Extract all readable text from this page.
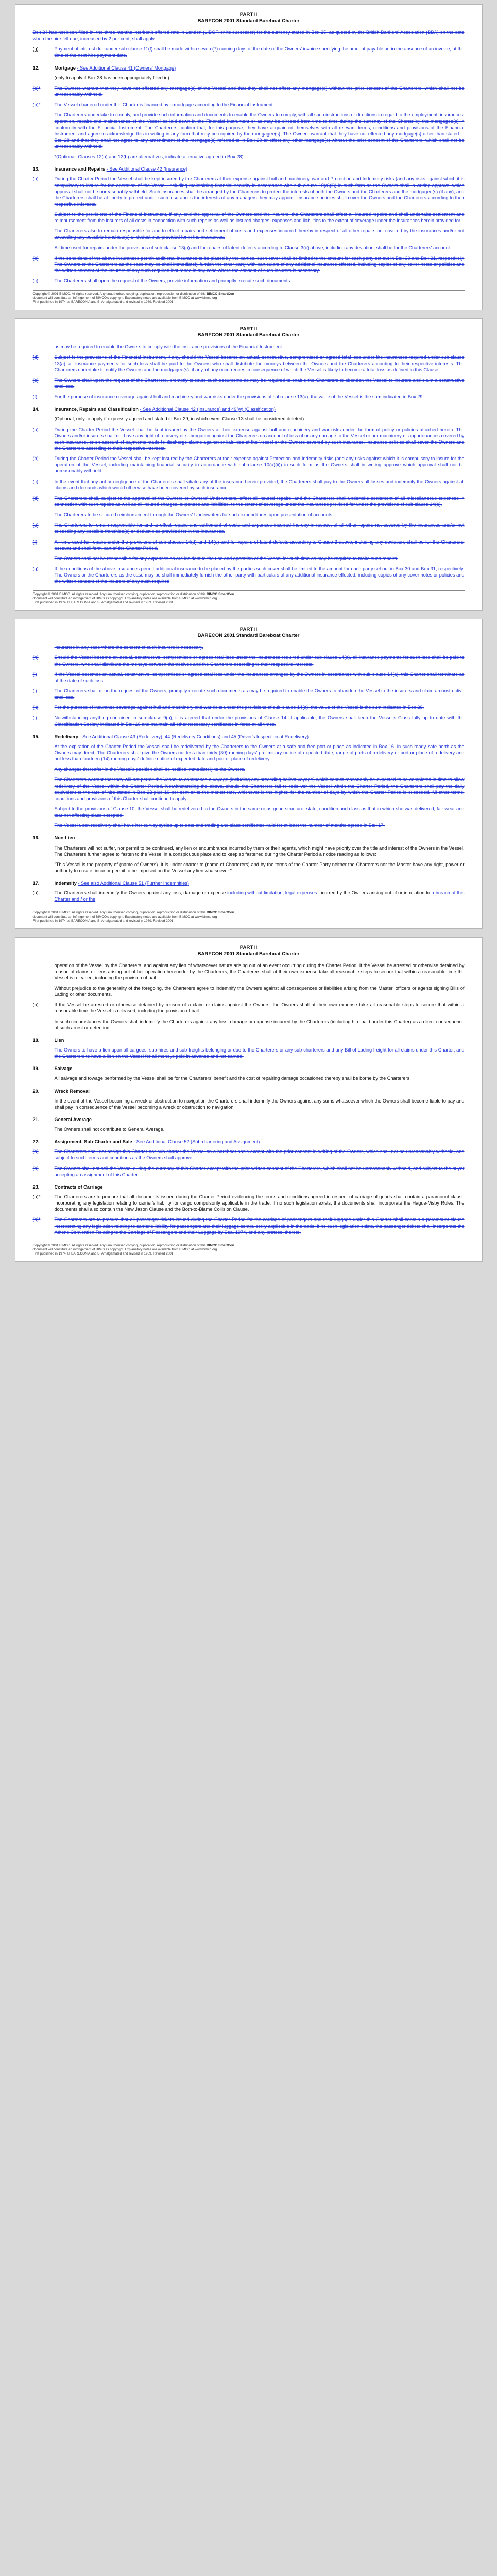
PART II
BARECON 2001 Standard Bareboat Charter

Box 24 has not been filled in, the three months interbank offered rate in London (LIBOR or its successor) for the currency stated in Box 25, as quoted by the British Bankers' Association (BBA) on the date when the hire fell due, increased by 2 per cent, shall apply.

(g)	Payment of interest due under sub-clause 11(f) shall be made within seven (7) running days of the date of the Owners' invoice specifying the amount payable or, in the absence of an invoice, at the time of the next hire payment date.
12.	Mortgage - See Additional Clause 41 (Owners' Mortgage)

(only to apply if Box 28 has been appropriately filled in)

(a)*	The Owners warrant that they have not effected any mortgage(s) of the Vessel and that they shall not effect any mortgage(s) without the prior consent of the Charterers, which shall not be unreasonably withheld.
(b)*	The Vessel chartered under this Charter is financed by a mortgage according to the Financial Instrument.

The Charterers undertake to comply, and provide such information and documents to enable the Owners to comply, with all such instructions or directions in regard to the employment, insurances, operation, repairs and maintenance of the Vessel as laid down in the Financial Instrument or as may be directed from time to time during the currency of the Charter by the mortgagee(s) in conformity with the Financial Instrument. The Charterers confirm that, for this purpose, they have acquainted themselves with all relevant terms, conditions and provisions of the Financial Instrument and agree to acknowledge this in writing in any form that may be required by the mortgagee(s). The Owners warrant that they have not effected any mortgage(s) other than stated in Box 28 and that they shall not agree to any amendment of the mortgage(s) referred to in Box 28 or effect any other mortgage(s) without the prior consent of the Charterers, which shall not be unreasonably withheld.

*(Optional, Clauses 12(a) and 12(b) are alternatives; indicate alternative agreed in Box 28).

13.	Insurance and Repairs - See Additional Clause 42 (Insurance)
(a)	During the Charter Period the Vessel shall be kept insured by the Charterers at their expense against hull and machinery, war and Protection and Indemnity risks (and any risks against which it is compulsory to insure for the operation of the Vessel, including maintaining financial security in accordance with sub-clause 10(a)(ii)) in such form as the Owners shall in writing approve, which approval shall not be unreasonably withheld. Such insurances shall be arranged by the Charterers to protect the interests of both the Owners and the Charterers and the mortgagee(s) (if any), and the Charterers shall be at liberty to protect under such insurances the interests of any managers they may appoint. Insurance policies shall cover the Owners and the Charterers according to their respective interests.

Subject to the provisions of the Financial Instrument, if any, and the approval of the Owners and the insurers, the Charterers shall effect all insured repairs and shall undertake settlement and reimbursement from the insurers of all costs in connection with such repairs as well as insured charges, expenses and liabilities to the extent of coverage under the insurances herein provided for.

The Charterers also to remain responsible for and to effect repairs and settlement of costs and expenses incurred thereby in respect of all other repairs not covered by the insurances and/or not exceeding any possible franchise(s) or deductibles provided for in the insurances.

All time used for repairs under the provisions of sub-clause 13(a) and for repairs of latent defects according to Clause 3(c) above, including any deviation, shall be for the Charterers' account.

(b)	If the conditions of the above insurances permit additional insurance to be placed by the parties, such cover shall be limited to the amount for each party set out in Box 30 and Box 31, respectively. The Owners or the Charterers as the case may be shall immediately furnish the other party with particulars of any additional insurance effected, including copies of any cover notes or policies and the written consent of the insurers of any such required insurance in any case where the consent of such insurers is necessary.
(c)	The Charterers shall upon the request of the Owners, provide information and promptly execute such documents
Copyright © 2001 BIMCO. All rights reserved. Any unauthorised copying, duplication, reproduction or distribution of this BIMCO SmartCon
document will constitute an infringement of BIMCO's copyright. Explanatory notes are available from BIMCO at www.bimco.org
First published in 1974 as BARECON A and B. Amalgamated and revised in 1989. Revised 2001.
PART II
BARECON 2001 Standard Bareboat Charter

as may be required to enable the Owners to comply with the insurance provisions of the Financial Instrument.

(d)	Subject to the provisions of the Financial Instrument, if any, should the Vessel become an actual, constructive, compromised or agreed total loss under the insurances required under sub-clause 13(a), all insurance payments for such loss shall be paid to the Owners who shall distribute the moneys between the Owners and the Charterers according to their respective interests. The Charterers undertake to notify the Owners and the mortgagee(s), if any, of any occurrences in consequence of which the Vessel is likely to become a total loss as defined in this Clause.
(e)	The Owners shall upon the request of the Charterers, promptly execute such documents as may be required to enable the Charterers to abandon the Vessel to insurers and claim a constructive total loss.
(f)	For the purpose of insurance coverage against hull and machinery and war risks under the provisions of sub-clause 13(a), the value of the Vessel is the sum indicated in Box 29.
14.	Insurance, Repairs and Classification - See Additional Clause 42 (Insurance) and 49(w) (Classification)

(Optional, only to apply if expressly agreed and stated in Box 29, in which event Clause 13 shall be considered deleted).

(a)	During the Charter Period the Vessel shall be kept insured by the Owners at their expense against hull and machinery and war risks under the form of policy or policies attached hereto. The Owners and/or insurers shall not have any right of recovery or subrogation against the Charterers on account of loss of or any damage to the Vessel or her machinery or appurtenances covered by such insurance, or on account of payments made to discharge claims against or liabilities of the Vessel or the Owners covered by such insurance. Insurance policies shall cover the Owners and the Charterers according to their respective interests.
(b)	During the Charter Period the Vessel shall be kept insured by the Charterers at their expense against Protection and Indemnity risks (and any risks against which it is compulsory to insure for the operation of the Vessel, including maintaining financial security in accordance with sub-clause 10(a)(ii)) in such form as the Owners shall in writing approve which approval shall not be unreasonably withheld.
(c)	In the event that any act or negligence of the Charterers shall vitiate any of the insurance herein provided, the Charterers shall pay to the Owners all losses and indemnify the Owners against all claims and demands which would otherwise have been covered by such insurance.
(d)	The Charterers shall, subject to the approval of the Owners or Owners' Underwriters, effect all insured repairs, and the Charterers shall undertake settlement of all miscellaneous expenses in connection with such repairs as well as all insured charges, expenses and liabilities, to the extent of coverage under the insurances provided for under the provisions of sub-clause 14(a).

The Charterers to be secured reimbursement through the Owners' Underwriters for such expenditures upon presentation of accounts.

(e)	The Charterers to remain responsible for and to effect repairs and settlement of costs and expenses incurred thereby in respect of all other repairs not covered by the insurances and/or not exceeding any possible franchise(s) or deductibles provided for in the insurances.
(f)	All time used for repairs under the provisions of sub-clauses 14(d) and 14(e) and for repairs of latent defects according to Clause 3 above, including any deviation, shall be for the Charterers' account and shall form part of the Charter Period.

The Owners shall not be responsible for any expenses as are incident to the use and operation of the Vessel for such time as may be required to make such repairs.

(g)	If the conditions of the above insurances permit additional insurance to be placed by the parties such cover shall be limited to the amount for each party set out in Box 30 and Box 31, respectively. The Owners or the Charterers as the case may be shall immediately furnish the other party with particulars of any additional insurance effected, including copies of any cover notes or policies and the written consent of the insurers of any such required
Copyright © 2001 BIMCO. All rights reserved. Any unauthorised copying, duplication, reproduction or distribution of this BIMCO SmartCon
document will constitute an infringement of BIMCO's copyright. Explanatory notes are available from BIMCO at www.bimco.org
First published in 1974 as BARECON A and B. Amalgamated and revised in 1989. Revised 2001.
PART II
BARECON 2001 Standard Bareboat Charter

insurance in any case where the consent of such insurers is necessary.

(h)	Should the Vessel become an actual, constructive, compromised or agreed total loss under the insurances required under sub-clause 14(a), all insurance payments for such loss shall be paid to the Owners, who shall distribute the moneys between themselves and the Charterers according to their respective interests.
(i)	If the Vessel becomes an actual, constructive, compromised or agreed total loss under the insurances arranged by the Owners in accordance with sub-clause 14(a), this Charter shall terminate as of the date of such loss.
(j)	The Charterers shall upon the request of the Owners, promptly execute such documents as may be required to enable the Owners to abandon the Vessel to the insurers and claim a constructive total loss.
(k)	For the purpose of insurance coverage against hull and machinery and war risks under the provisions of sub-clause 14(a), the value of the Vessel is the sum indicated in Box 29.
(l)	Notwithstanding anything contained in sub-clause 9(a), it is agreed that under the provisions of Clause 14, if applicable, the Owners shall keep the Vessel's Class fully up to date with the Classification Society indicated in Box 10 and maintain all other necessary certificates in force at all times.
15.	Redelivery - See Additional Clause 43 (Redelivery), 44 (Redelivery Conditions) and 45 (Driver's Inspection at Redelivery)

At the expiration of the Charter Period the Vessel shall be redelivered by the Charterers to the Owners at a safe and free port or place as indicated in Box 16, in such ready safe berth as the Owners may direct. The Charterers shall give the Owners not less than thirty (30) running days' preliminary notice of expected date, range of ports of redelivery or port or place of redelivery and not less than fourteen (14) running days' definite notice of expected date and port or place of redelivery.

Any changes thereafter in the Vessel's position shall be notified immediately to the Owners.

The Charterers warrant that they will not permit the Vessel to commence a voyage (including any preceding ballast voyage) which cannot reasonably be expected to be completed in time to allow redelivery of the Vessel within the Charter Period. Notwithstanding the above, should the Charterers fail to redeliver the Vessel within the Charter Period, the Charterers shall pay the daily equivalent to the rate of hire stated in Box 22 plus 10 per cent or to the market rate, whichever is the higher, for the number of days by which the Charter Period is exceeded. All other terms, conditions and provisions of this Charter shall continue to apply.

Subject to the provisions of Clause 10, the Vessel shall be redelivered to the Owners in the same or as good structure, state, condition and class as that in which she was delivered, fair wear and tear not affecting class excepted.

The Vessel upon redelivery shall have her survey cycles up to date and trading and class certificates valid for at least the number of months agreed in Box 17.

16.	Non-Lien

The Charterers will not suffer, nor permit to be continued, any lien or encumbrance incurred by them or their agents, which might have priority over the title and interest of the Owners in the Vessel. The Charterers further agree to fasten to the Vessel in a conspicuous place and to keep so fastened during the Charter Period a notice reading as follows:

"This Vessel is the property of (name of Owners). It is under charter to (name of Charterers) and by the terms of the Charter Party neither the Charterers nor the Master have any right, power or authority to create, incur or permit to be imposed on the Vessel any lien whatsoever."

17.	Indemnity - See also Additional Clause 51 (Further Indemnities)
(a)	The Charterers shall indemnify the Owners against any loss, damage or expense including without limitation, legal expenses incurred by the Owners arising out of or in relation to a breach of this Charter and / or the
Copyright © 2001 BIMCO. All rights reserved. Any unauthorised copying, duplication, reproduction or distribution of this BIMCO SmartCon
document will constitute an infringement of BIMCO's copyright. Explanatory notes are available from BIMCO at www.bimco.org
First published in 1974 as BARECON A and B. Amalgamated and revised in 1989. Revised 2001.
PART II
BARECON 2001 Standard Bareboat Charter

operation of the Vessel by the Charterers, and against any lien of whatsoever nature arising out of an event occurring during the Charter Period. If the Vessel be arrested or otherwise detained by reason of claims or liens arising out of her operation hereunder by the Charterers, the Charterers shall at their own expense take all reasonable steps to secure that within a reasonable time the Vessel is released, including the provision of bail.

Without prejudice to the generality of the foregoing, the Charterers agree to indemnify the Owners against all consequences or liabilities arising from the Master, officers or agents signing Bills of Lading or other documents.

(b)	If the Vessel be arrested or otherwise detained by reason of a claim or claims against the Owners, the Owners shall at their own expense take all reasonable steps to secure that within a reasonable time the Vessel is released, including the provision of bail.

In such circumstances the Owners shall indemnify the Charterers against any loss, damage or expense incurred by the Charterers (including hire paid under this Charter) as a direct consequence of such arrest or detention.

18.	Lien

The Owners to have a lien upon all cargoes, sub-hires and sub-freights belonging or due to the Charterers or any sub-charterers and any Bill of Lading freight for all claims under this Charter, and the Charterers to have a lien on the Vessel for all moneys paid in advance and not earned.

19.	Salvage

All salvage and towage performed by the Vessel shall be for the Charterers' benefit and the cost of repairing damage occasioned thereby shall be borne by the Charterers.

20.	Wreck Removal

In the event of the Vessel becoming a wreck or obstruction to navigation the Charterers shall indemnify the Owners against any sums whatsoever which the Owners shall become liable to pay and shall pay in consequence of the Vessel becoming a wreck or obstruction to navigation.

21.	General Average

The Owners shall not contribute to General Average.

22.	Assignment, Sub-Charter and Sale - See Additional Clause 52 (Sub-chartering and Assignment)
(a)	The Charterers shall not assign this Charter nor sub-charter the Vessel on a bareboat basis except with the prior consent in writing of the Owners, which shall not be unreasonably withheld, and subject to such terms and conditions as the Owners shall approve.
(b)	The Owners shall not sell the Vessel during the currency of this Charter except with the prior written consent of the Charterers, which shall not be unreasonably withheld, and subject to the buyer accepting an assignment of this Charter.
23.	Contracts of Carriage
(a)*	The Charterers are to procure that all documents issued during the Charter Period evidencing the terms and conditions agreed in respect of carriage of goods shall contain a paramount clause incorporating any legislation relating to carrier's liability for cargo compulsorily applicable in the trade; if no such legislation exists, the documents shall incorporate the Hague-Visby Rules. The documents shall also contain the New Jason Clause and the Both-to-Blame Collision Clause.
(b)*	The Charterers are to procure that all passenger tickets issued during the Charter Period for the carriage of passengers and their luggage under this Charter shall contain a paramount clause incorporating any legislation relating to carrier's liability for passengers and their luggage compulsorily applicable in the trade; if no such legislation exists, the passenger tickets shall incorporate the Athens Convention Relating to the Carriage of Passengers and their Luggage by Sea, 1974, and any protocol thereto.
Copyright © 2001 BIMCO. All rights reserved. Any unauthorised copying, duplication, reproduction or distribution of this BIMCO SmartCon
document will constitute an infringement of BIMCO's copyright. Explanatory notes are available from BIMCO at www.bimco.org
First published in 1974 as BARECON A and B. Amalgamated and revised in 1989. Revised 2001.
